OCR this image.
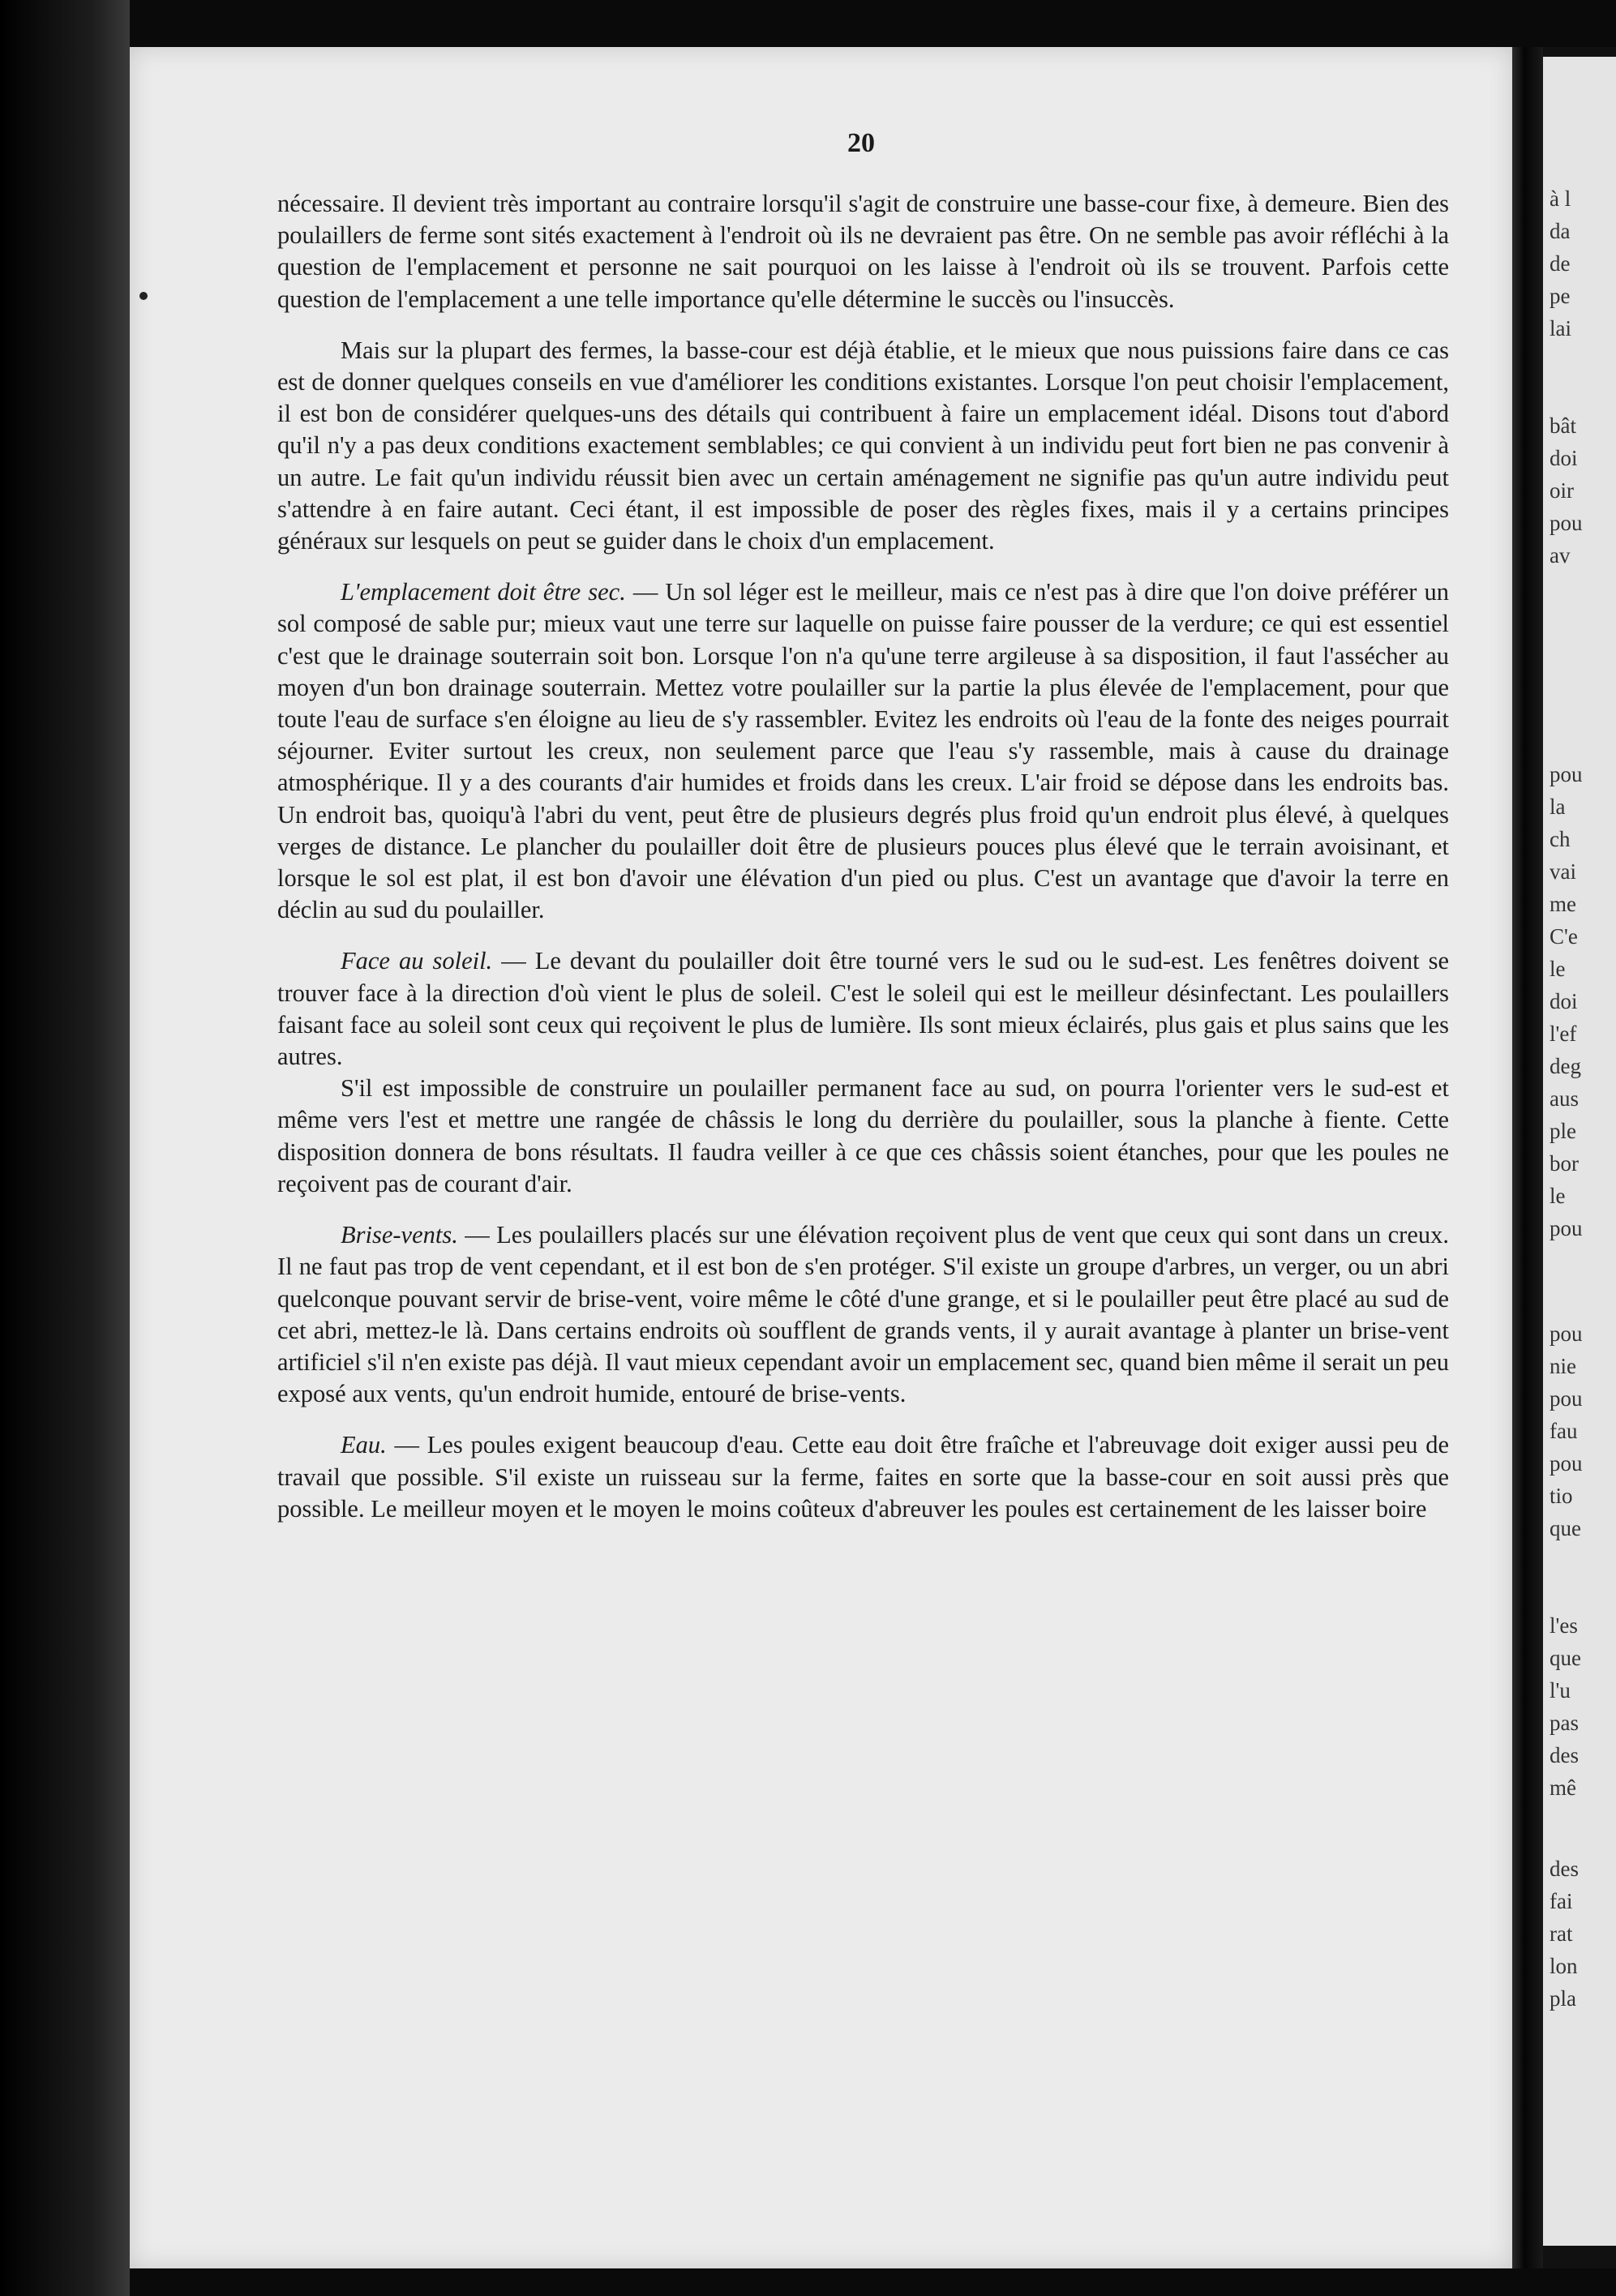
à l
da
de
pe
lai
bât
doi
oir
pou
av
pou
la
ch
vai
me
C'e
le
doi
l'ef
deg
aus
ple
bor
le
pou
pou
nie
pou
fau
pou
tio
que
l'es
que
l'u
pas
des
mê
des
fai
rat
lon
pla
20

nécessaire. Il devient très important au contraire lorsqu'il s'agit de construire une basse-cour fixe, à demeure. Bien des poulaillers de ferme sont sités exactement à l'endroit où ils ne devraient pas être. On ne semble pas avoir réfléchi à la question de l'emplacement et personne ne sait pourquoi on les laisse à l'endroit où ils se trouvent. Parfois cette question de l'emplacement a une telle importance qu'elle détermine le succès ou l'insuccès.

Mais sur la plupart des fermes, la basse-cour est déjà établie, et le mieux que nous puissions faire dans ce cas est de donner quelques conseils en vue d'améliorer les conditions existantes. Lorsque l'on peut choisir l'emplacement, il est bon de considérer quelques-uns des détails qui contribuent à faire un emplacement idéal. Disons tout d'abord qu'il n'y a pas deux conditions exactement semblables; ce qui convient à un individu peut fort bien ne pas convenir à un autre. Le fait qu'un individu réussit bien avec un certain aménagement ne signifie pas qu'un autre individu peut s'attendre à en faire autant. Ceci étant, il est impossible de poser des règles fixes, mais il y a certains principes généraux sur lesquels on peut se guider dans le choix d'un emplacement.

L'emplacement doit être sec. — Un sol léger est le meilleur, mais ce n'est pas à dire que l'on doive préférer un sol composé de sable pur; mieux vaut une terre sur laquelle on puisse faire pousser de la verdure; ce qui est essentiel c'est que le drainage souterrain soit bon. Lorsque l'on n'a qu'une terre argileuse à sa disposition, il faut l'assécher au moyen d'un bon drainage souterrain. Mettez votre poulailler sur la partie la plus élevée de l'emplacement, pour que toute l'eau de surface s'en éloigne au lieu de s'y rassembler. Evitez les endroits où l'eau de la fonte des neiges pourrait séjourner. Eviter surtout les creux, non seulement parce que l'eau s'y rassemble, mais à cause du drainage atmosphérique. Il y a des courants d'air humides et froids dans les creux. L'air froid se dépose dans les endroits bas. Un endroit bas, quoiqu'à l'abri du vent, peut être de plusieurs degrés plus froid qu'un endroit plus élevé, à quelques verges de distance. Le plancher du poulailler doit être de plusieurs pouces plus élevé que le terrain avoisinant, et lorsque le sol est plat, il est bon d'avoir une élévation d'un pied ou plus. C'est un avantage que d'avoir la terre en déclin au sud du poulailler.

Face au soleil. — Le devant du poulailler doit être tourné vers le sud ou le sud-est. Les fenêtres doivent se trouver face à la direction d'où vient le plus de soleil. C'est le soleil qui est le meilleur désinfectant. Les poulaillers faisant face au soleil sont ceux qui reçoivent le plus de lumière. Ils sont mieux éclairés, plus gais et plus sains que les autres.

S'il est impossible de construire un poulailler permanent face au sud, on pourra l'orienter vers le sud-est et même vers l'est et mettre une rangée de châssis le long du derrière du poulailler, sous la planche à fiente. Cette disposition donnera de bons résultats. Il faudra veiller à ce que ces châssis soient étanches, pour que les poules ne reçoivent pas de courant d'air.

Brise-vents. — Les poulaillers placés sur une élévation reçoivent plus de vent que ceux qui sont dans un creux. Il ne faut pas trop de vent cependant, et il est bon de s'en protéger. S'il existe un groupe d'arbres, un verger, ou un abri quelconque pouvant servir de brise-vent, voire même le côté d'une grange, et si le poulailler peut être placé au sud de cet abri, mettez-le là. Dans certains endroits où soufflent de grands vents, il y aurait avantage à planter un brise-vent artificiel s'il n'en existe pas déjà. Il vaut mieux cependant avoir un emplacement sec, quand bien même il serait un peu exposé aux vents, qu'un endroit humide, entouré de brise-vents.

Eau. — Les poules exigent beaucoup d'eau. Cette eau doit être fraîche et l'abreuvage doit exiger aussi peu de travail que possible. S'il existe un ruisseau sur la ferme, faites en sorte que la basse-cour en soit aussi près que possible. Le meilleur moyen et le moyen le moins coûteux d'abreuver les poules est certainement de les laisser boire
